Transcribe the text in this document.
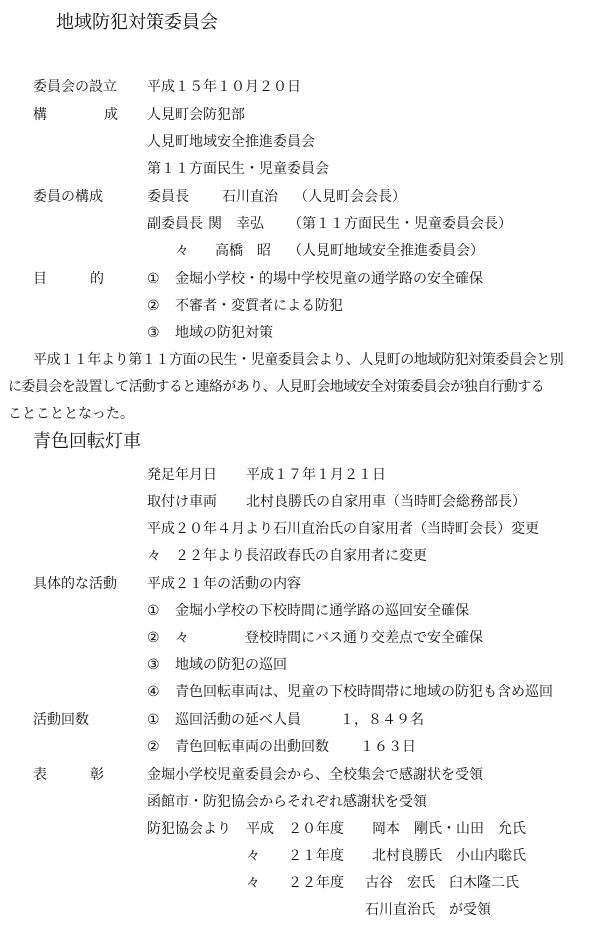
地域防犯対策委員会
委員会の設立 平成１５年１０月２０日
構	成 人見町会防犯部
人見町地域安全推進委員会
第１１方面民生・児童委員会
委員の構成	委員長 石川直治 （人見町会会長）
副委員長 関　幸弘 （第１１方面民生・児童委員会長）
々 高橋　昭 （人見町地域安全推進委員会）
目	的	① 金堀小学校・的場中学校児童の通学路の安全確保
② 不審者・変質者による防犯
③ 地域の防犯対策
平成１１年より第１１方面の民生・児童委員会より、人見町の地域防犯対策委員会と別
に委員会を設置して活動すると連絡があり、人見町会地域安全対策委員会が独自行動する
ことこととなった。
青色回転灯車
発足年月日 平成１７年１月２１日
取付け車両 北村良勝氏の自家用車（当時町会総務部長）
平成２０年４月より石川直治氏の自家用者（当時町会長）変更
々　２２年より長沼政春氏の自家用者に変更
具体的な活動 平成２１年の活動の内容
① 金堀小学校の下校時間に通学路の巡回安全確保
② 々　　　　登校時間にバス通り交差点で安全確保
③ 地域の防犯の巡回
④ 青色回転車両は、児童の下校時間帯に地域の防犯も含め巡回
活動回数	① 巡回活動の延べ人員	１，８４９名
② 青色回転車両の出動回数 １６３日
表	彰	金堀小学校児童委員会から、全校集会で感謝状を受領
函館市・防犯協会からそれぞれ感謝状を受領
防犯協会より 平成 ２０年度 岡本　剛氏・山田　允氏
々 ２１年度 北村良勝氏　小山内聡氏
々 ２２年度 古谷　宏氏　臼木隆二氏
石川直治氏　が受領
